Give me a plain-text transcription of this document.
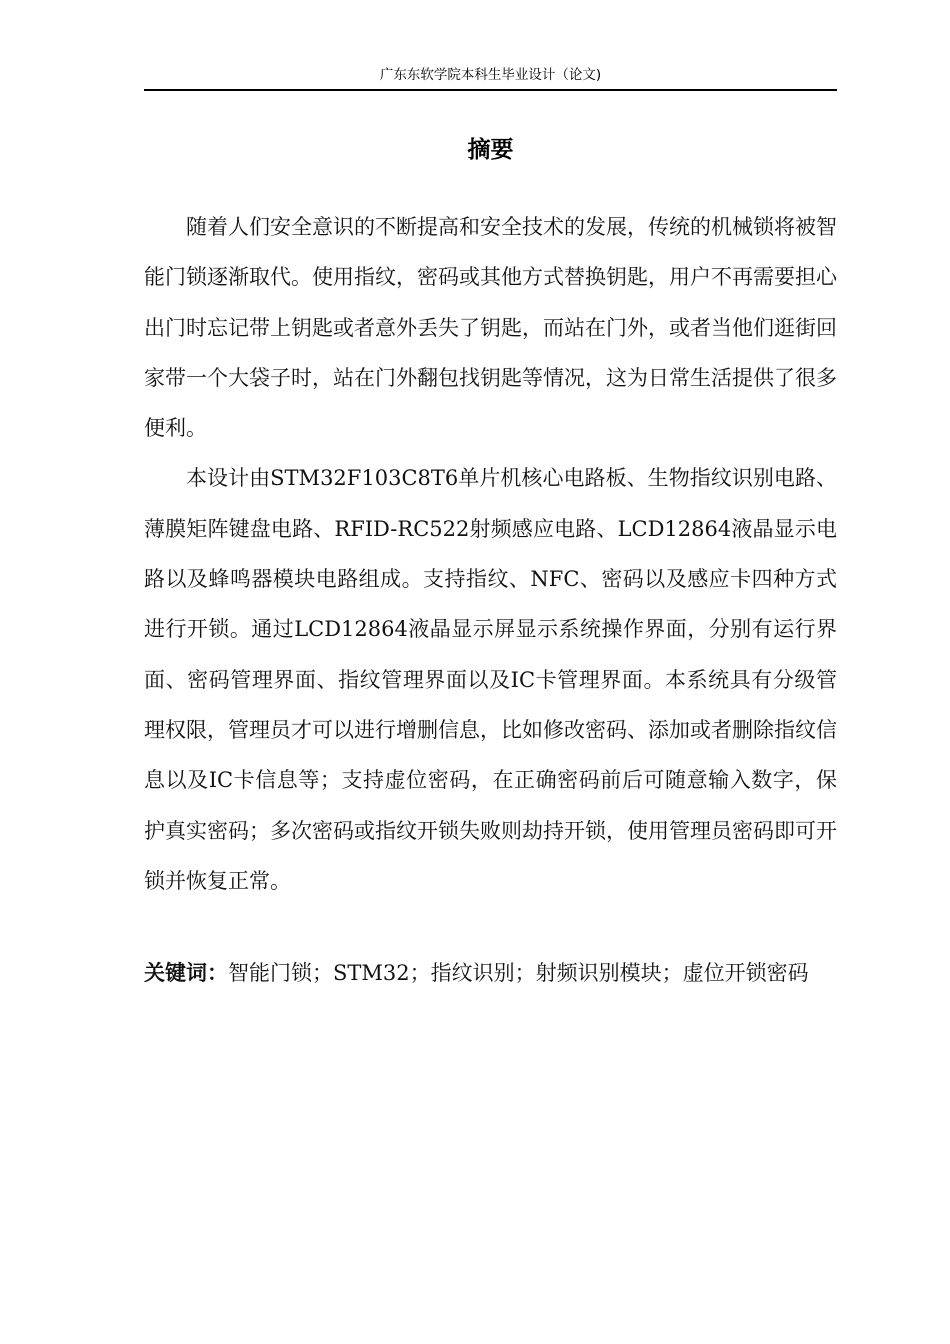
广东东软学院本科生毕业设计（论文)
摘要

随着人们安全意识的不断提高和安全技术的发展，传统的机械锁将被智能门锁逐渐取代。使用指纹，密码或其他方式替换钥匙，用户不再需要担心出门时忘记带上钥匙或者意外丢失了钥匙，而站在门外，或者当他们逛街回家带一个大袋子时，站在门外翻包找钥匙等情况，这为日常生活提供了很多便利。

本设计由STM32F103C8T6单片机核心电路板、生物指纹识别电路、薄膜矩阵键盘电路、RFID-RC522射频感应电路、LCD12864液晶显示电路以及蜂鸣器模块电路组成。支持指纹、NFC、密码以及感应卡四种方式进行开锁。通过LCD12864液晶显示屏显示系统操作界面，分别有运行界面、密码管理界面、指纹管理界面以及IC卡管理界面。本系统具有分级管理权限，管理员才可以进行增删信息，比如修改密码、添加或者删除指纹信息以及IC卡信息等；支持虚位密码，在正确密码前后可随意输入数字，保护真实密码；多次密码或指纹开锁失败则劫持开锁，使用管理员密码即可开锁并恢复正常。

关键词：智能门锁；STM32；指纹识别；射频识别模块；虚位开锁密码
